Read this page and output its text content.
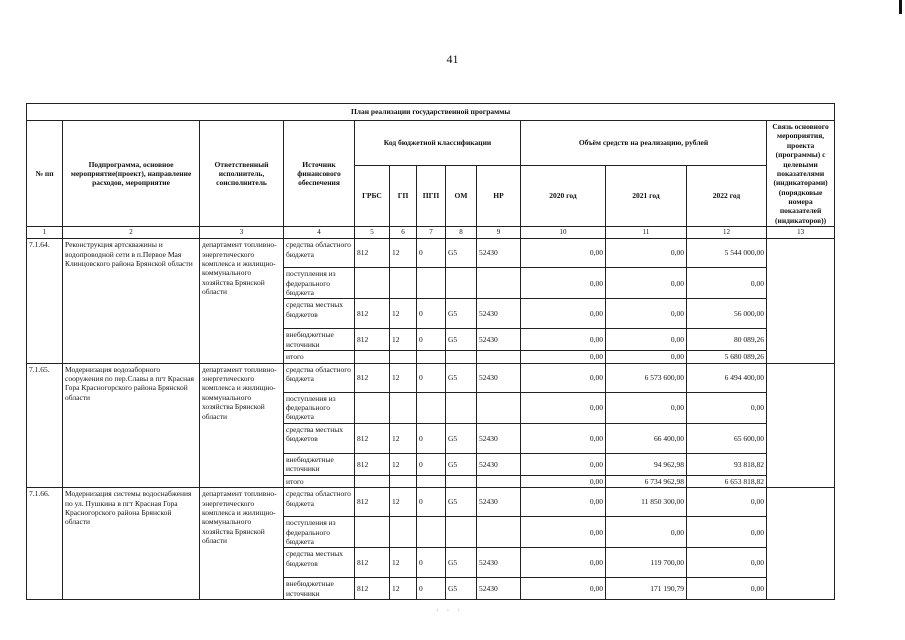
41
· · ·
План реализации государственной программы												
№ пп	Подпрограмма, основное мероприятие(проект), направление расходов, мероприятие	Ответственный исполнитель, соисполнитель	Источник финансового обеспечения	Код бюджетной классификации					Объём средств на реализацию, рублей			Связь основного мероприятия, проекта (программы) с целевыми показателями (индикаторами) (порядковые номера показателей (индикаторов))
				ГРБС	ГП	ПГП	ОМ	НР	2020 год	2021 год	2022 год	
1	2	3	4	5	6	7	8	9	10	11	12	13
7.1.64.	Реконструкция артскважины и водопроводной сети в п.Первое Мая Клинцовского района Брянской области	департамент топливно-энергетического комплекса и жилищно-коммунального хозяйства Брянской области	средства областного бюджета	812	12	0	G5	52430	0,00	0,00	5 544 000,00	
			поступления из федерального бюджета						0,00	0,00	0,00	
			средства местных бюджетов	812	12	0	G5	52430	0,00	0,00	56 000,00	
			внебюджетные источники	812	12	0	G5	52430	0,00	0,00	80 089,26	
			итого						0,00	0,00	5 680 089,26	
7.1.65.	Модернизация водозаборного сооружения по пер.Славы в пгт Красная Гора Красногорского района Брянской области	департамент топливно-энергетического комплекса и жилищно-коммунального хозяйства Брянской области	средства областного бюджета	812	12	0	G5	52430	0,00	6 573 600,00	6 494 400,00	
			поступления из федерального бюджета						0,00	0,00	0,00	
			средства местных бюджетов	812	12	0	G5	52430	0,00	66 400,00	65 600,00	
			внебюджетные источники	812	12	0	G5	52430	0,00	94 962,98	93 818,82	
			итого						0,00	6 734 962,98	6 653 818,82	
7.1.66.	Модернизация системы водоснабжения по ул. Пушкина в пгт Красная Гора Красногорского района Брянской области	департамент топливно-энергетического комплекса и жилищно-коммунального хозяйства Брянской области	средства областного бюджета	812	12	0	G5	52430	0,00	11 850 300,00	0,00	
			поступления из федерального бюджета						0,00	0,00	0,00	
			средства местных бюджетов	812	12	0	G5	52430	0,00	119 700,00	0,00	
			внебюджетные источники	812	12	0	G5	52430	0,00	171 190,79	0,00	
